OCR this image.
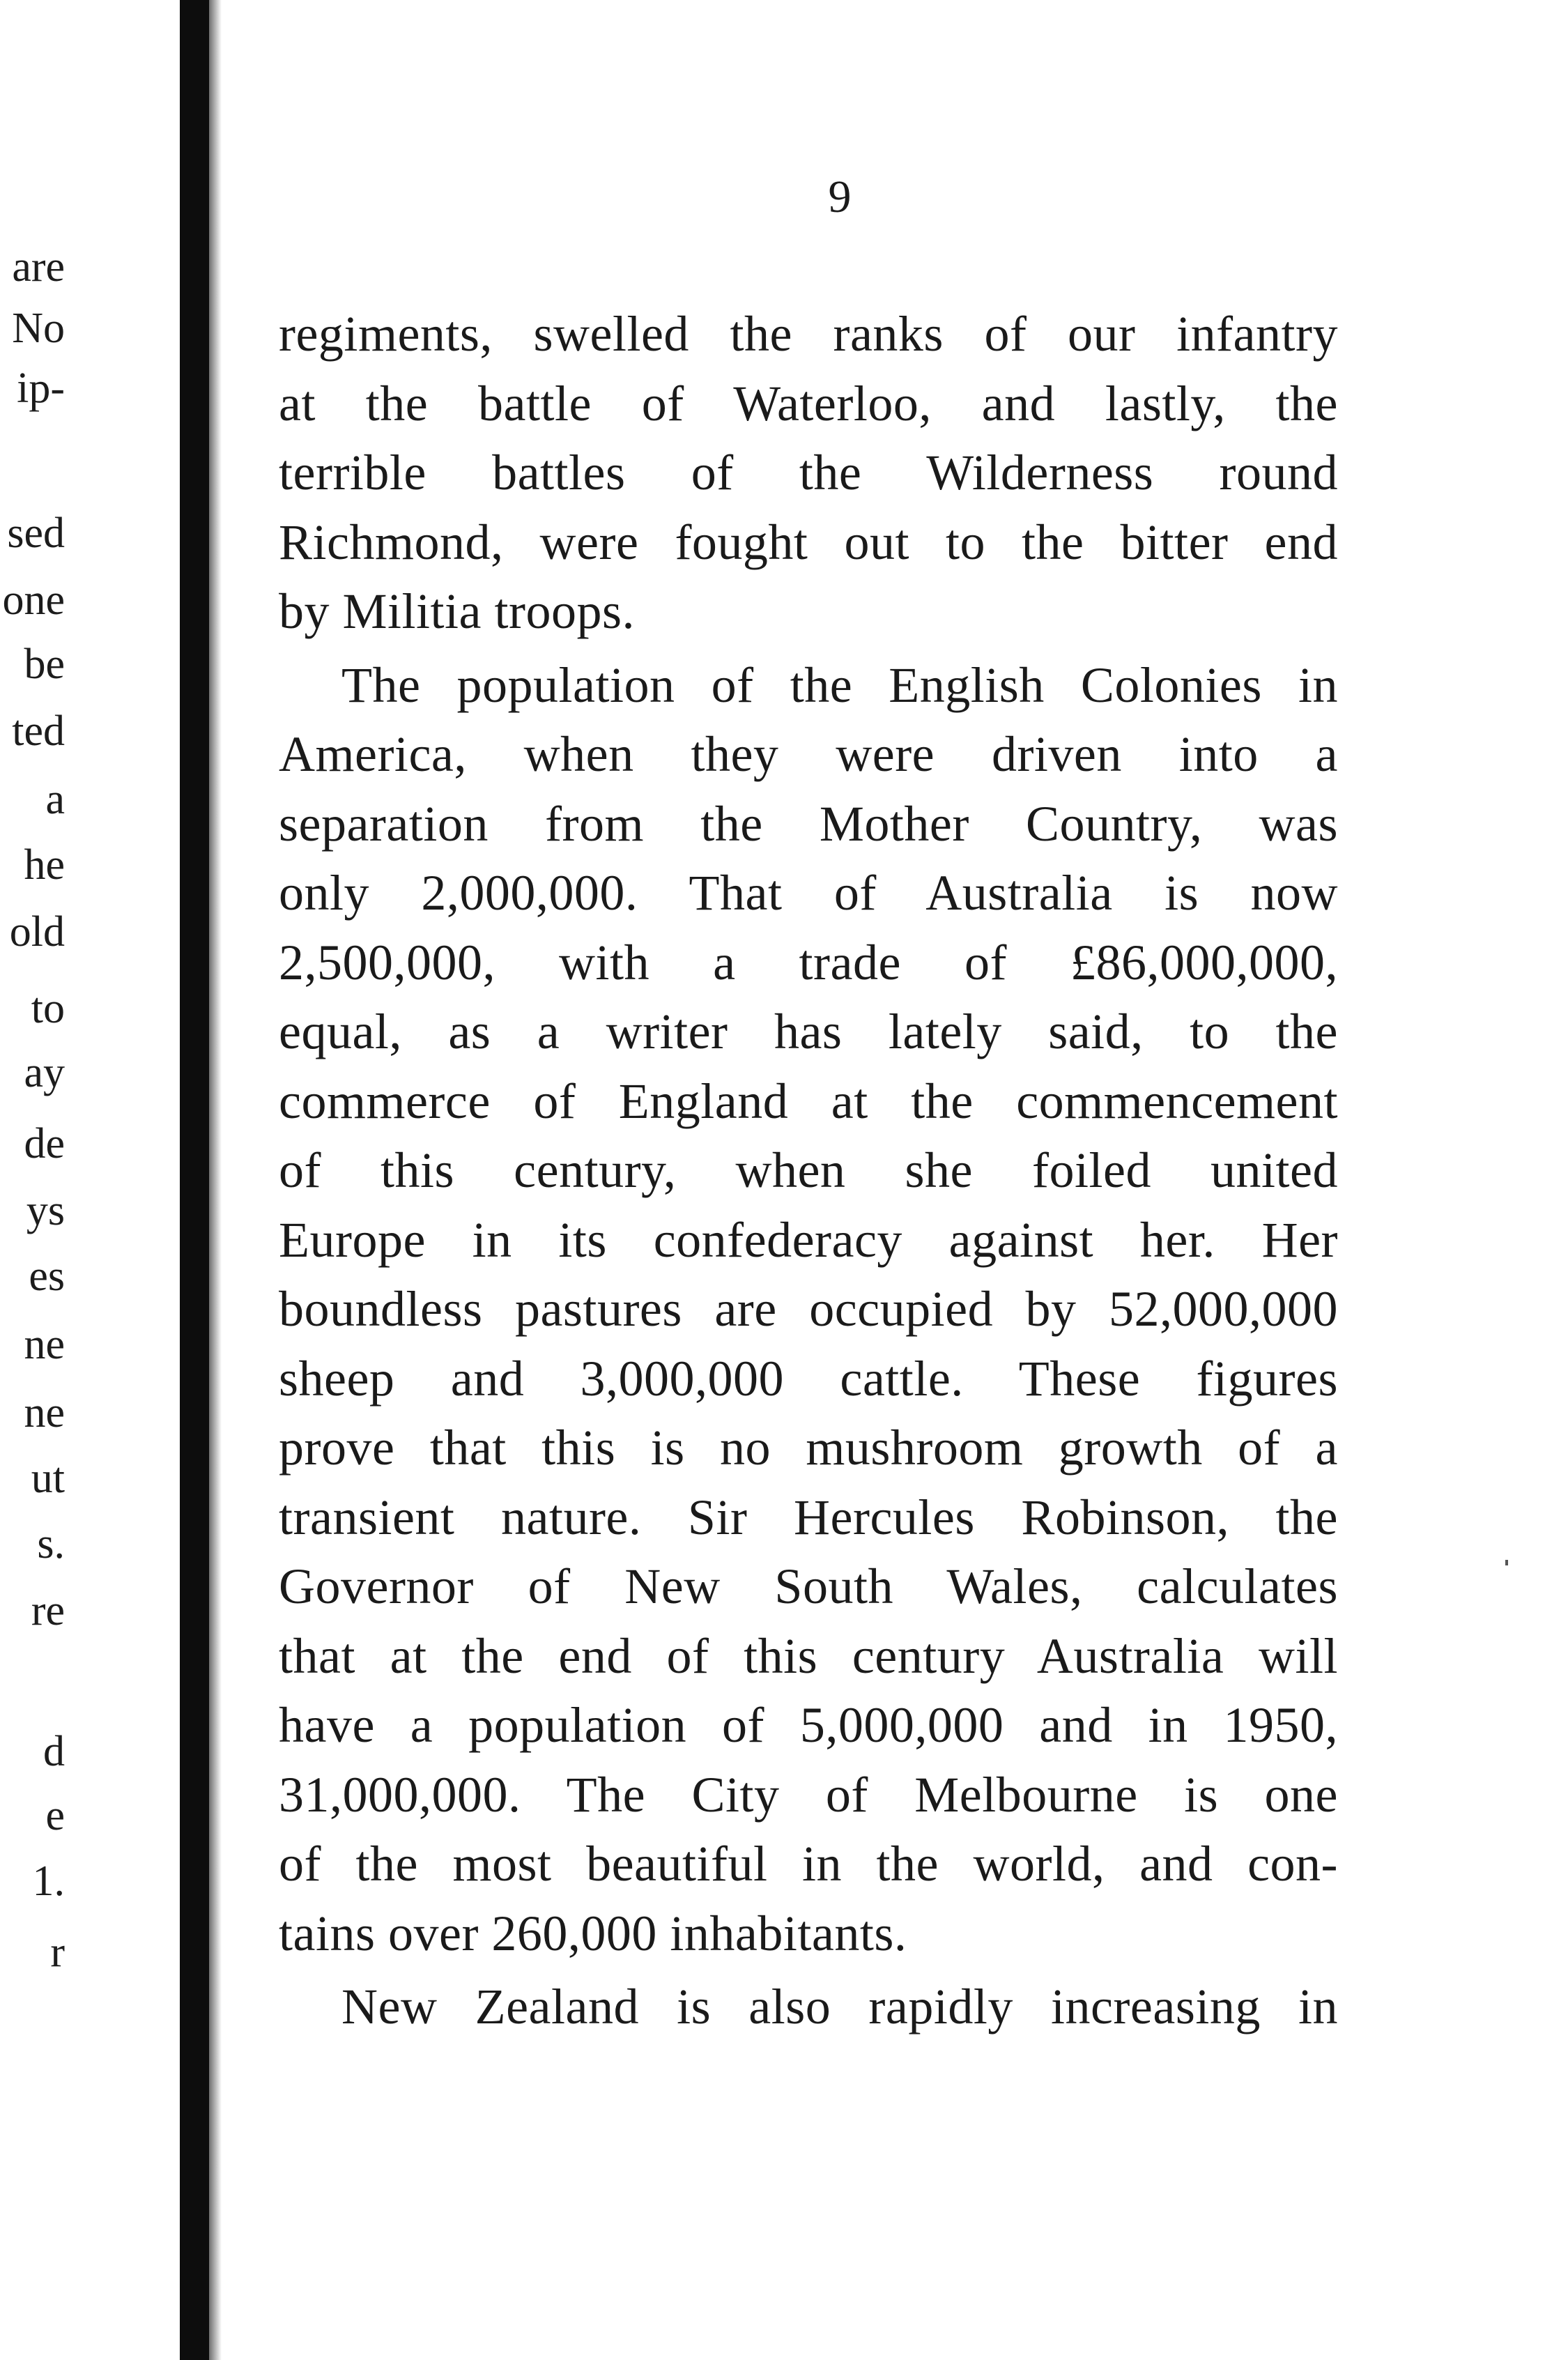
are
No
ip-
sed
one
be
ted
a
he
old
to
ay
de
ys
es
ne
ne
ut
s.
re
d
e
1.
r
9
regiments, swelled the ranks of our infantry
at the battle of Waterloo, and lastly, the
terrible battles of the Wilderness round
Richmond, were fought out to the bitter end
by Militia troops.
The population of the English Colonies in
America, when they were driven into a
separation from the Mother Country, was
only 2,000,000. That of Australia is now
2,500,000, with a trade of £86,000,000,
equal, as a writer has lately said, to the
commerce of England at the commencement
of this century, when she foiled united
Europe in its confederacy against her. Her
boundless pastures are occupied by 52,000,000
sheep and 3,000,000 cattle. These figures
prove that this is no mushroom growth of a
transient nature. Sir Hercules Robinson, the
Governor of New South Wales, calculates
that at the end of this century Australia will
have a population of 5,000,000 and in 1950,
31,000,000. The City of Melbourne is one
of the most beautiful in the world, and con-
tains over 260,000 inhabitants.
New Zealand is also rapidly increasing in
